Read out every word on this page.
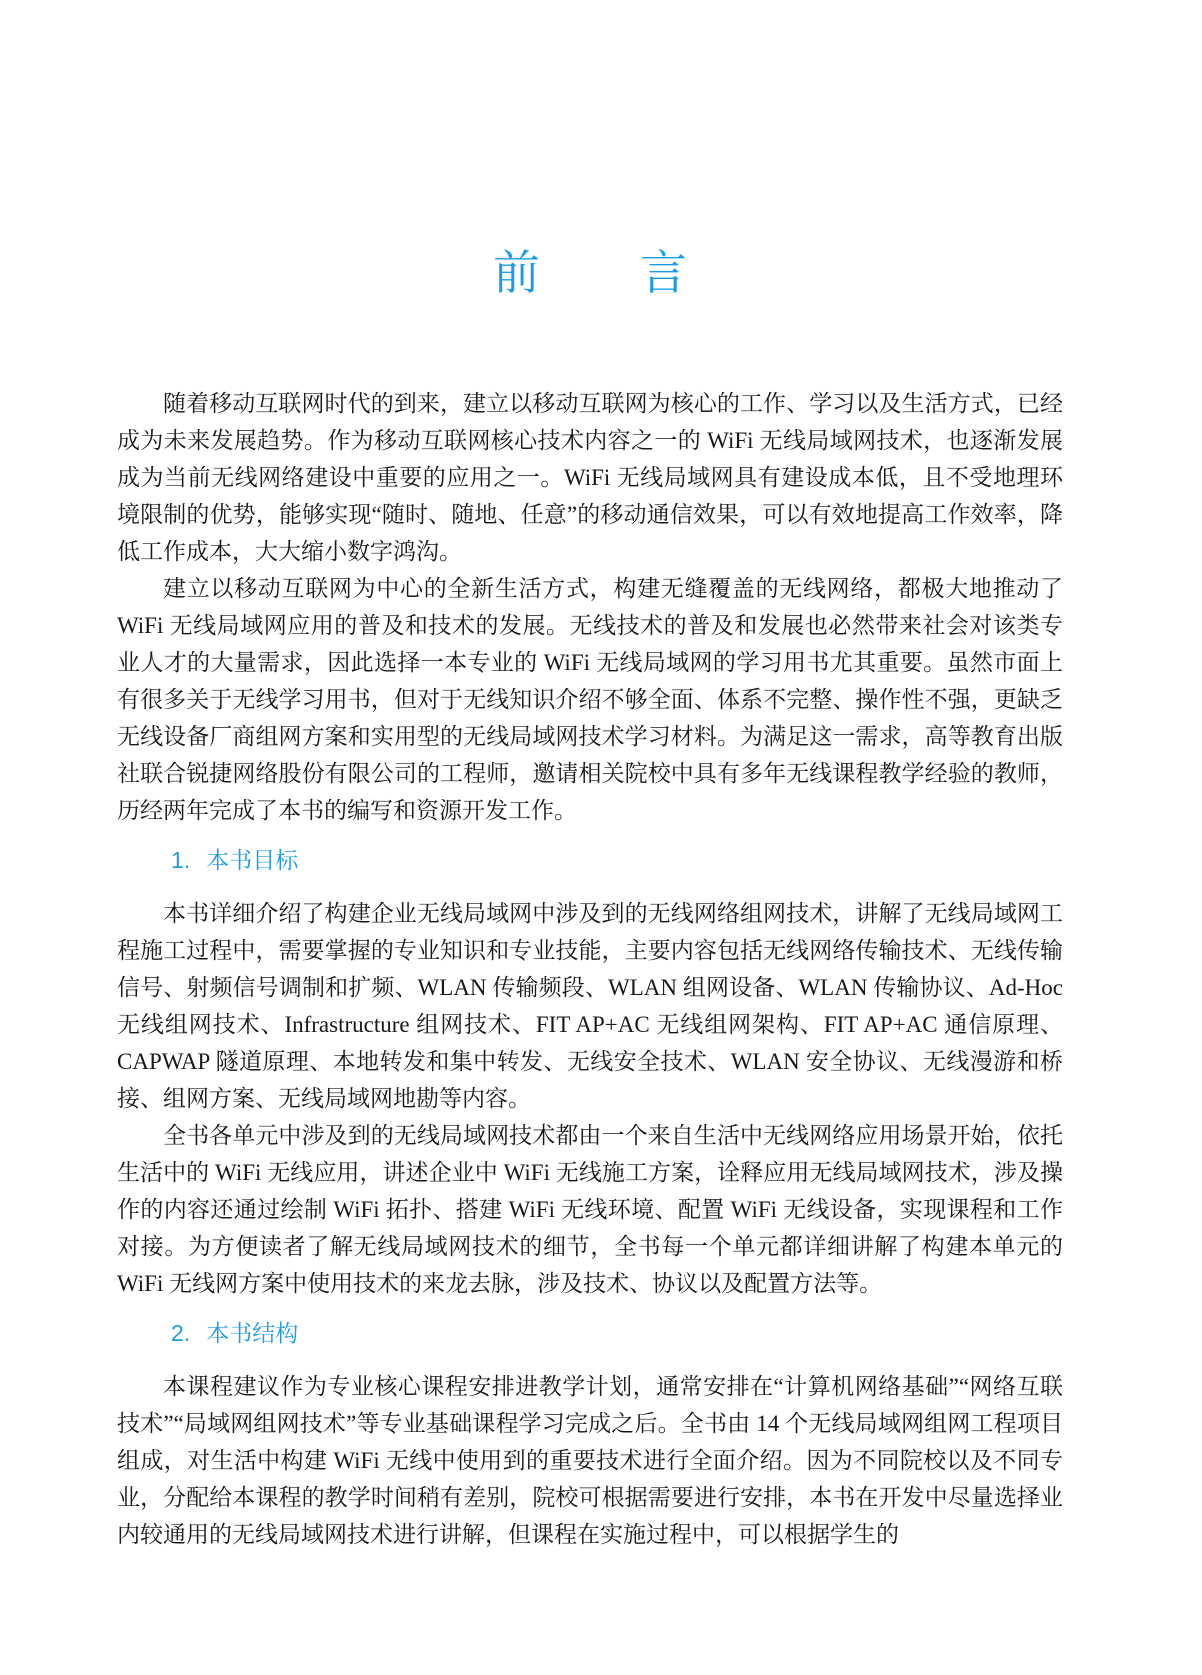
前 言

随着移动互联网时代的到来，建立以移动互联网为核心的工作、学习以及生活方式，已经成为未来发展趋势。作为移动互联网核心技术内容之一的 WiFi 无线局域网技术，也逐渐发展成为当前无线网络建设中重要的应用之一。WiFi 无线局域网具有建设成本低，且不受地理环境限制的优势，能够实现“随时、随地、任意”的移动通信效果，可以有效地提高工作效率，降低工作成本，大大缩小数字鸿沟。

建立以移动互联网为中心的全新生活方式，构建无缝覆盖的无线网络，都极大地推动了 WiFi 无线局域网应用的普及和技术的发展。无线技术的普及和发展也必然带来社会对该类专业人才的大量需求，因此选择一本专业的 WiFi 无线局域网的学习用书尤其重要。虽然市面上有很多关于无线学习用书，但对于无线知识介绍不够全面、体系不完整、操作性不强，更缺乏无线设备厂商组网方案和实用型的无线局域网技术学习材料。为满足这一需求，高等教育出版社联合锐捷网络股份有限公司的工程师，邀请相关院校中具有多年无线课程教学经验的教师，历经两年完成了本书的编写和资源开发工作。

1. 本书目标

本书详细介绍了构建企业无线局域网中涉及到的无线网络组网技术，讲解了无线局域网工程施工过程中，需要掌握的专业知识和专业技能，主要内容包括无线网络传输技术、无线传输信号、射频信号调制和扩频、WLAN 传输频段、WLAN 组网设备、WLAN 传输协议、Ad-Hoc 无线组网技术、Infrastructure 组网技术、FIT AP+AC 无线组网架构、FIT AP+AC 通信原理、CAPWAP 隧道原理、本地转发和集中转发、无线安全技术、WLAN 安全协议、无线漫游和桥接、组网方案、无线局域网地勘等内容。

全书各单元中涉及到的无线局域网技术都由一个来自生活中无线网络应用场景开始，依托生活中的 WiFi 无线应用，讲述企业中 WiFi 无线施工方案，诠释应用无线局域网技术，涉及操作的内容还通过绘制 WiFi 拓扑、搭建 WiFi 无线环境、配置 WiFi 无线设备，实现课程和工作对接。为方便读者了解无线局域网技术的细节，全书每一个单元都详细讲解了构建本单元的 WiFi 无线网方案中使用技术的来龙去脉，涉及技术、协议以及配置方法等。

2. 本书结构

本课程建议作为专业核心课程安排进教学计划，通常安排在“计算机网络基础”“网络互联技术”“局域网组网技术”等专业基础课程学习完成之后。全书由 14 个无线局域网组网工程项目组成，对生活中构建 WiFi 无线中使用到的重要技术进行全面介绍。因为不同院校以及不同专业，分配给本课程的教学时间稍有差别，院校可根据需要进行安排，本书在开发中尽量选择业内较通用的无线局域网技术进行讲解，但课程在实施过程中，可以根据学生的
